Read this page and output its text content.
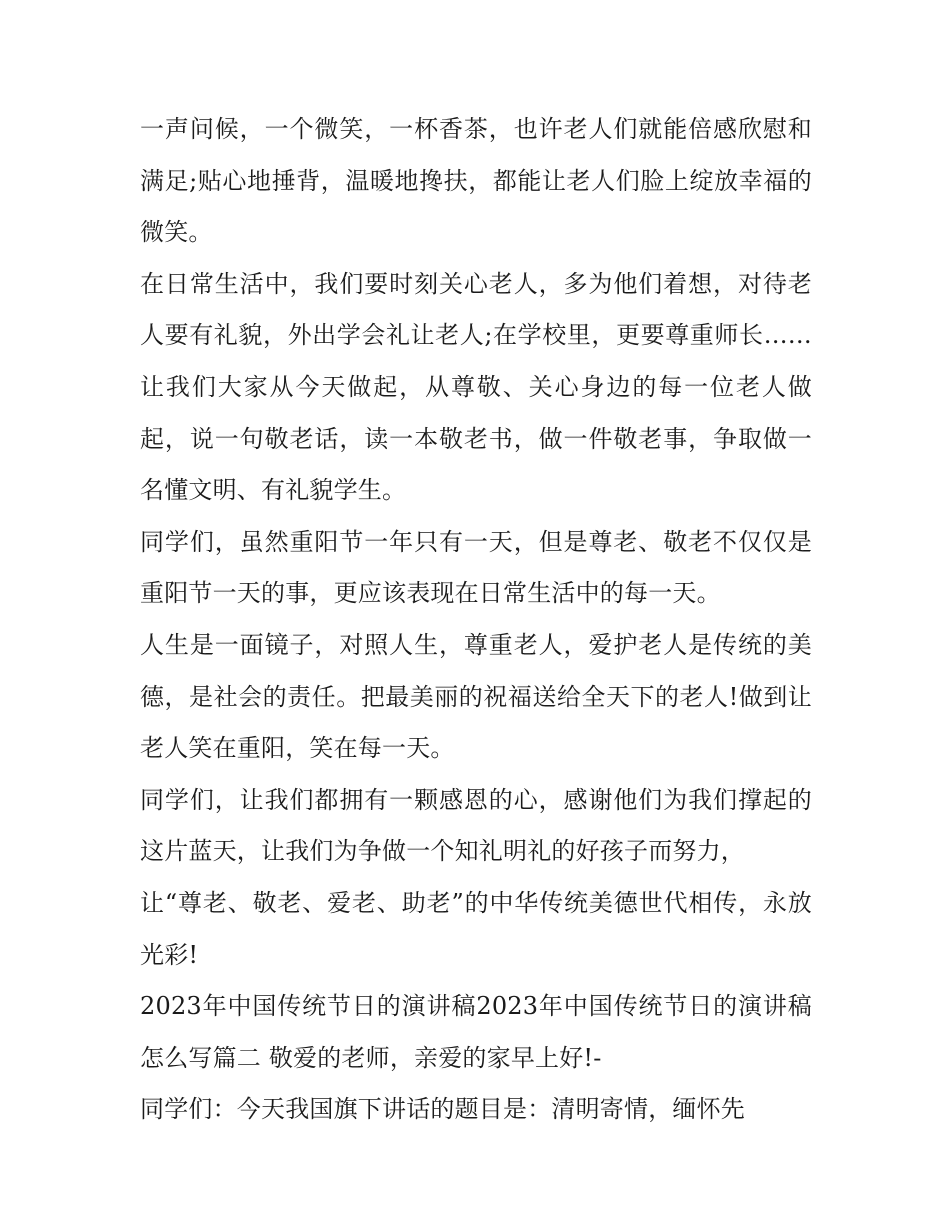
一声问候，一个微笑，一杯香茶，也许老人们就能倍感欣慰和满足;贴心地捶背，温暖地搀扶，都能让老人们脸上绽放幸福的微笑。

在日常生活中，我们要时刻关心老人，多为他们着想，对待老人要有礼貌，外出学会礼让老人;在学校里，更要尊重师长……让我们大家从今天做起，从尊敬、关心身边的每一位老人做起，说一句敬老话，读一本敬老书，做一件敬老事，争取做一名懂文明、有礼貌学生。

同学们，虽然重阳节一年只有一天，但是尊老、敬老不仅仅是重阳节一天的事，更应该表现在日常生活中的每一天。

人生是一面镜子，对照人生，尊重老人，爱护老人是传统的美德，是社会的责任。把最美丽的祝福送给全天下的老人!做到让老人笑在重阳，笑在每一天。

同学们，让我们都拥有一颗感恩的心，感谢他们为我们撑起的这片蓝天，让我们为争做一个知礼明礼的好孩子而努力，

让“尊老、敬老、爱老、助老”的中华传统美德世代相传，永放光彩!

2023年中国传统节日的演讲稿2023年中国传统节日的演讲稿怎么写篇二 敬爱的老师，亲爱的家早上好!-

同学们：今天我国旗下讲话的题目是：清明寄情，缅怀先
